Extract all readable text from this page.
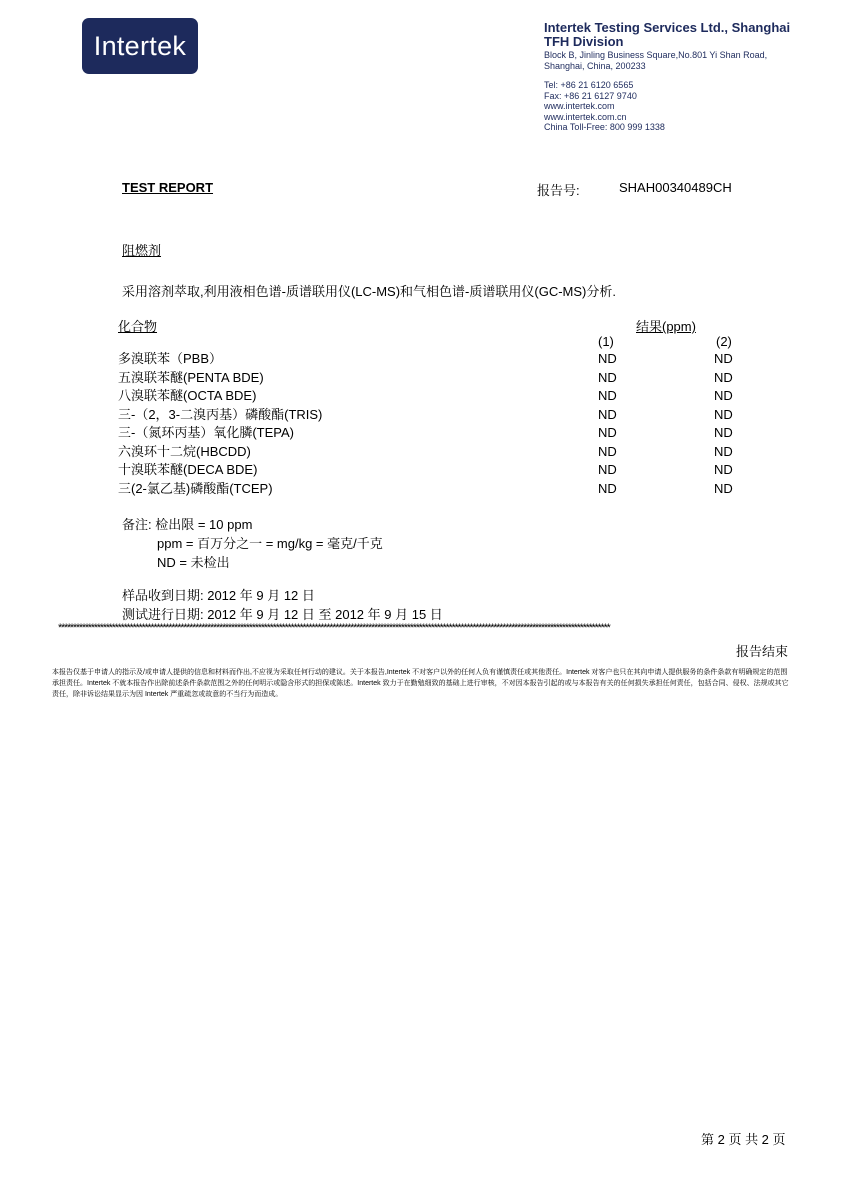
Intertek
Intertek Testing Services Ltd., Shanghai
TFH Division
Block B, Jinling Business Square,No.801 Yi Shan Road,
Shanghai, China, 200233
Tel: +86 21 6120 6565
Fax: +86 21 6127 9740
www.intertek.com
www.intertek.com.cn
China Toll-Free: 800 999 1338
TEST REPORT	报告号:	SHAH00340489CH
阻燃剂
采用溶剂萃取,利用液相色谱-质谱联用仪(LC-MS)和气相色谱-质谱联用仪(GC-MS)分析.
化合物	结果(ppm)
(1)	(2)
多溴联苯（PBB）	ND	ND
五溴联苯醚(PENTA BDE)	ND	ND
八溴联苯醚(OCTA BDE)	ND	ND
三-（2，3-二溴丙基）磷酸酯(TRIS)	ND	ND
三-（氮环丙基）氧化膦(TEPA)	ND	ND
六溴环十二烷(HBCDD)	ND	ND
十溴联苯醚(DECA BDE)	ND	ND
三(2-氯乙基)磷酸酯(TCEP)	ND	ND
备注: 检出限 = 10 ppm
ppm = 百万分之一 = mg/kg = 毫克/千克
ND = 未检出
样品收到日期: 2012 年 9 月 12 日
测试进行日期: 2012 年 9 月 12 日 至 2012 年 9 月 15 日
*****************************************************************************************************************************************************************************************
报告结束
本报告仅基于申请人的指示及/或申请人提供的信息和材料而作出,不应视为采取任何行动的建议。关于本报告,Intertek 不对客户以外的任何人负有谨慎责任或其他责任。Intertek 对客户也只在其向申请人提供服务的条件条款有明确规定的范围承担责任。Intertek 不就本报告作出除前述条件条款范围之外的任何明示或隐含形式的担保或陈述。Intertek 致力于在勤勉细致的基础上进行审核，不对因本报告引起的或与本报告有关的任何损失承担任何责任，包括合同、侵权、法规或其它责任，除非诉讼结果显示为因 Intertek 严重疏忽或故意的不当行为而造成。
第 2 页 共 2 页
